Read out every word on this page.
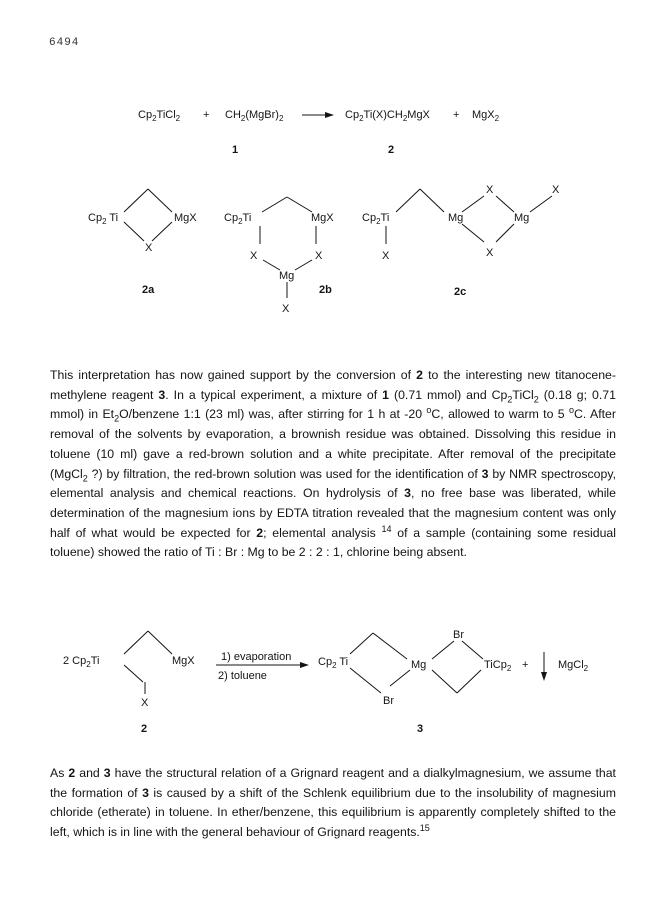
6494
$Cp_2TiCl_2$ + $CH_2(MgBr)_2$	$Cp_2Ti(X)CH_2MgX + MgX_2$
1	2
$Cp_2$ Ti	MgX
X
2a
$Cp_2Ti$	MgX
X	X
Mg
X
2b
$Cp_2Ti$
X
Mg
X
X
Mg
X
2c
2 $Cp_2Ti$	MgX
X
2
1) evaporation
2) toluene
$Cp_2$ Ti	Mg
Br
Br
TiCp$_2$ +	MgCl$_2$
3
This interpretation has now gained support by the conversion of 2 to the interesting new titanocene-methylene reagent 3. In a typical experiment, a mixture of 1 (0.71 mmol) and $Cp_2TiCl_2$ (0.18 g; 0.71 mmol) in $Et_2O$/benzene 1:1 (23 ml) was, after stirring for 1 h at -20 $^o$C, allowed to warm to 5 $^o$C. After removal of the solvents by evaporation, a brownish residue was obtained. Dissolving this residue in toluene (10 ml) gave a red-brown solution and a white precipitate. After removal of the precipitate (MgCl$_2$ ?) by filtration, the red-brown solution was used for the identification of 3 by NMR spectroscopy, elemental analysis and chemical reactions. On hydrolysis of 3, no free base was liberated, while determination of the magnesium ions by EDTA titration revealed that the magnesium content was only half of what would be expected for 2; elemental analysis $^{14}$ of a sample (containing some residual toluene) showed the ratio of Ti : Br : Mg to be 2 : 2 : 1, chlorine being absent.
As 2 and 3 have the structural relation of a Grignard reagent and a dialkylmagnesium, we assume that the formation of 3 is caused by a shift of the Schlenk equilibrium due to the insolubility of magnesium chloride (etherate) in toluene. In ether/benzene, this equilibrium is apparently completely shifted to the left, which is in line with the general behaviour of Grignard reagents.$^{15}$
